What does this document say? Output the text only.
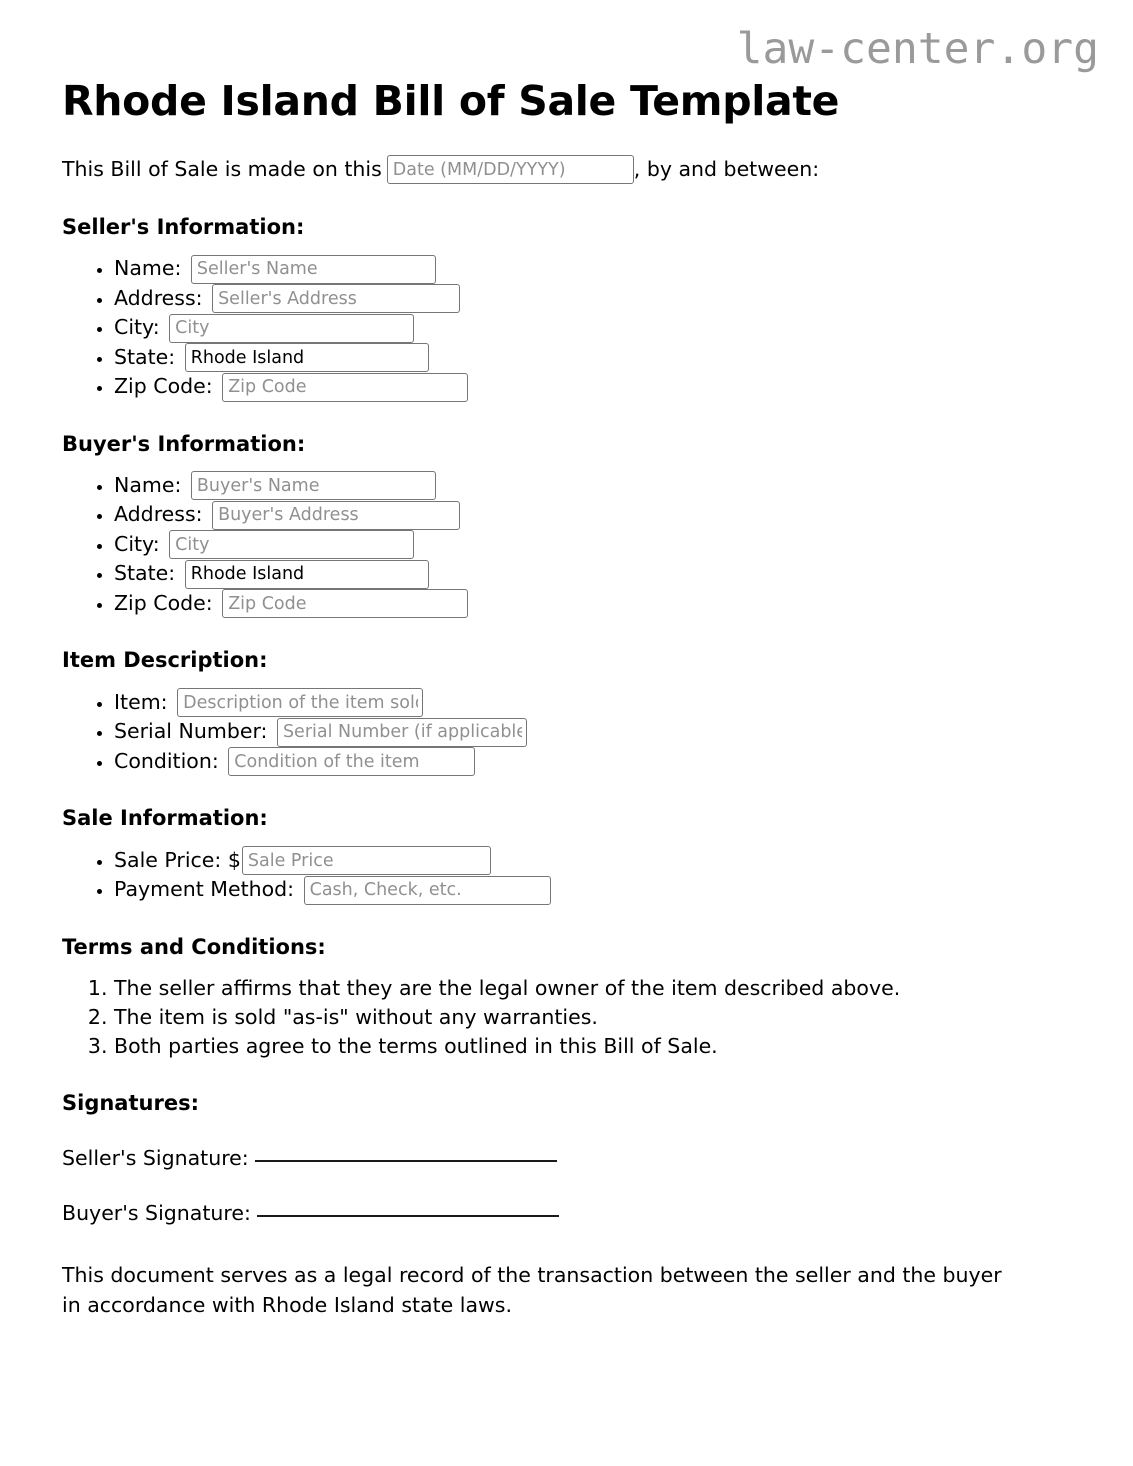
law-center.org
Rhode Island Bill of Sale Template
This Bill of Sale is made on this
Date (MM/DD/YYYY)	, by and between:
Seller's Information:
• Name: Seller's Name
• Address: Seller's Address
• City: City
• State: Rhode Island
• Zip Code: Zip Code
Buyer's Information:
• Name: Buyer's Name
• Address: Buyer's Address
• City: City
• State: Rhode Island
• Zip Code: Zip Code
Item Description:
• Item: Description of the item sold
• Serial Number: Serial Number (if applicable)
• Condition: Condition of the item
Sale Information:
• Sale Price: $Sale Price
• Payment Method: Cash, Check, etc.
Terms and Conditions:
1. The seller affirms that they are the legal owner of the item described above.
2. The item is sold "as-is" without any warranties.
3. Both parties agree to the terms outlined in this Bill of Sale.
Signatures:
Seller's Signature:
Buyer's Signature:

This document serves as a legal record of the transaction between the seller and the buyer in accordance with Rhode Island state laws.
